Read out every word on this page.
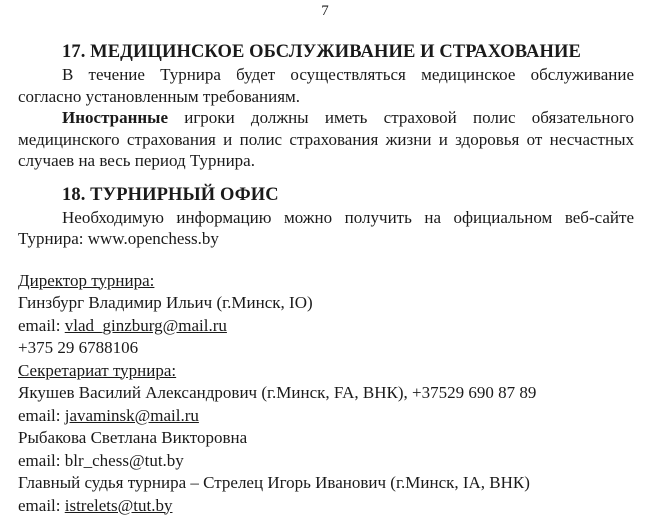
7

17. МЕДИЦИНСКОЕ ОБСЛУЖИВАНИЕ И СТРАХОВАНИЕ

В течение Турнира будет осуществляться медицинское обслуживание согласно установленным требованиям.

Иностранные игроки должны иметь страховой полис обязательного медицинского страхования и полис страхования жизни и здоровья от несчастных случаев на весь период Турнира.

18. ТУРНИРНЫЙ ОФИС

Необходимую информацию можно получить на официальном веб-сайте Турнира: www.openchess.by

Директор турнира:

Гинзбург Владимир Ильич (г.Минск, IO)

email: vlad_ginzburg@mail.ru

+375 29 6788106

Секретариат турнира:

Якушев Василий Александрович (г.Минск, FA, ВНК), +37529 690 87 89

email: javaminsk@mail.ru

Рыбакова Светлана Викторовна

email: blr_chess@tut.by

Главный судья турнира – Стрелец Игорь Иванович (г.Минск, IA, ВНК)

email: istrelets@tut.by
